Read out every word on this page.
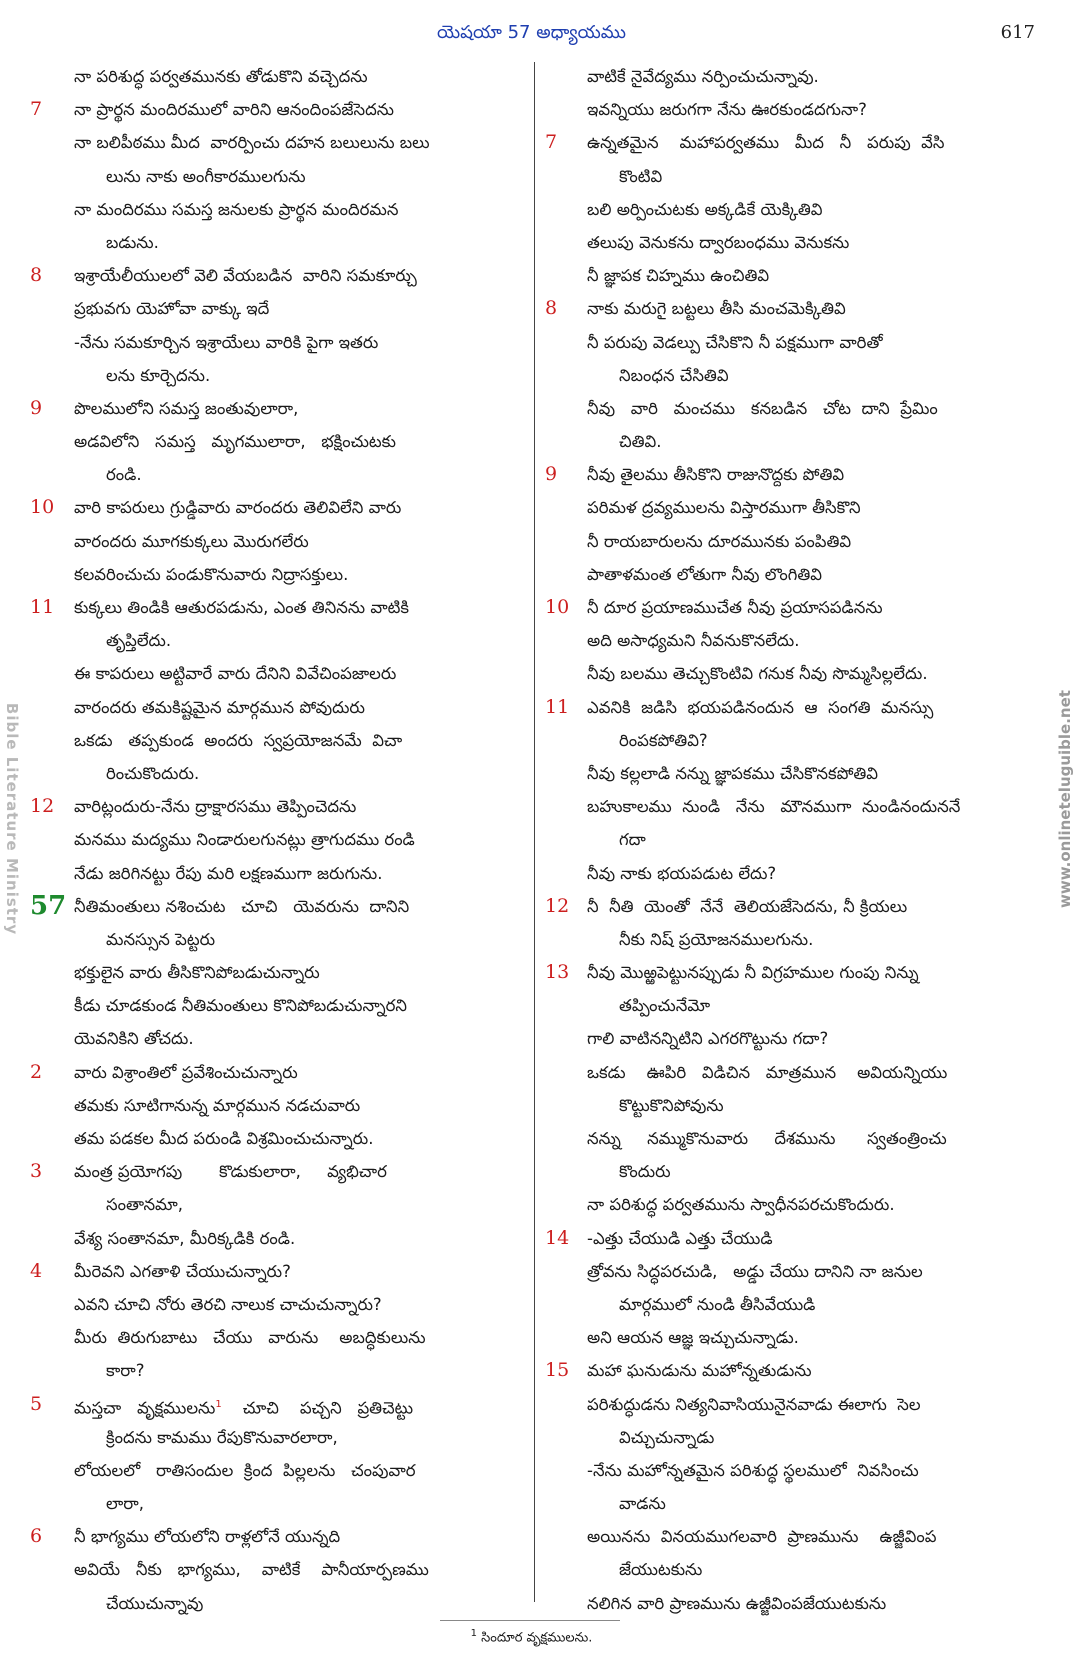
యెషయా 57 అధ్యాయము	617
Bible Literature Ministry	www.onlineteluguible.net
నా పరిశుద్ధ పర్వతమునకు తోడుకొని వచ్చెదను
7 నా ప్రార్థన మందిరములో వారిని ఆనందింపజేసెదను
నా బలిపీఠము మీద  వారర్పించు దహన బలులును బలు
లును నాకు అంగీకారములగును
నా మందిరము సమస్త జనులకు ప్రార్థన మందిరమన
బడును.
8 ఇశ్రాయేలీయులలో వెలి వేయబడిన  వారిని సమకూర్చు
ప్రభువగు యెహోవా వాక్కు ఇదే
-నేను సమకూర్చిన ఇశ్రాయేలు వారికి పైగా ఇతరు
లను కూర్చెదను.
9 పొలములోని సమస్త జంతువులారా,
అడవిలోని   సమస్త   మృగములారా,   భక్షించుటకు
రండి.
10 వారి కాపరులు గ్రుడ్డివారు వారందరు తెలివిలేని వారు
వారందరు మూగకుక్కలు మొరుగలేరు
కలవరించుచు పండుకొనువారు నిద్రాసక్తులు.
11 కుక్కలు తిండికి ఆతురపడును, ఎంత తినినను వాటికి
తృప్తిలేదు.
ఈ కాపరులు అట్టివారే వారు దేనిని వివేచింపజాలరు
వారందరు తమకిష్టమైన మార్గమున పోవుదురు
ఒకడు   తప్పకుండ  అందరు  స్వప్రయోజనమే  విచా
రించుకొందురు.
12 వారిట్లందురు-నేను ద్రాక్షారసము తెప్పించెదను
మనము మద్యము నిండారులగునట్లు త్రాగుదము రండి
నేడు జరిగినట్టు రేపు మరి లక్షణముగా జరుగును.
57 నీతిమంతులు నశించుట   చూచి   యెవరును  దానిని
మనస్సున పెట్టరు
భక్తులైన వారు తీసికొనిపోబడుచున్నారు
కీడు చూడకుండ నీతిమంతులు కొనిపోబడుచున్నారని
యెవనికిని తోచదు.
2 వారు విశ్రాంతిలో ప్రవేశించుచున్నారు
తమకు సూటిగానున్న మార్గమున నడచువారు
తమ పడకల మీద పరుండి విశ్రమించుచున్నారు.
3 మంత్ర ప్రయోగపు       కొడుకులారా,     వ్యభిచార
సంతానమా,
వేశ్య సంతానమా, మీరిక్కడికి రండి.
4 మీరెవని ఎగతాళి చేయుచున్నారు?
ఎవని చూచి నోరు తెరచి నాలుక చాచుచున్నారు?
మీరు  తిరుగుబాటు   చేయు   వారును    అబద్ధికులును
కారా?
5 మస్తచా   వృక్షములను$^1$    చూచి    పచ్చని   ప్రతిచెట్టు
క్రిందను కామము రేపుకొనువారలారా,
లోయలలో   రాతిసందుల  క్రింద  పిల్లలను   చంపువార
లారా,
6 నీ భాగ్యము లోయలోని రాళ్లలోనే యున్నది
అవియే   నీకు   భాగ్యము,    వాటికే    పానీయార్పణము
చేయుచున్నావు
వాటికే నైవేద్యము నర్పించుచున్నావు.
ఇవన్నియు జరుగగా నేను ఊరకుండదగునా?
7 ఉన్నతమైన    మహాపర్వతము   మీద   నీ   పరుపు  వేసి
కొంటివి
బలి అర్పించుటకు అక్కడికే యెక్కితివి
తలుపు వెనుకను ద్వారబంధము వెనుకను
నీ జ్ఞాపక చిహ్నము ఉంచితివి
8 నాకు మరుగై బట్టలు తీసి మంచమెక్కితివి
నీ పరుపు వెడల్పు చేసికొని నీ పక్షముగా వారితో
నిబంధన చేసితివి
నీవు   వారి   మంచము   కనబడిన   చోట  దాని  ప్రేమిం
చితివి.
9 నీవు తైలము తీసికొని రాజునొద్దకు పోతివి
పరిమళ ద్రవ్యములను విస్తారముగా తీసికొని
నీ రాయబారులను దూరమునకు పంపితివి
పాతాళమంత లోతుగా నీవు లొంగితివి
10 నీ దూర ప్రయాణముచేత నీవు ప్రయాసపడినను
అది అసాధ్యమని నీవనుకొనలేదు.
నీవు బలము తెచ్చుకొంటివి గనుక నీవు సొమ్మసిల్లలేదు.
11 ఎవనికి  జడిసి  భయపడినందున  ఆ  సంగతి  మనస్సు
రింపకపోతివి?
నీవు కల్లలాడి నన్ను జ్ఞాపకము చేసికొనకపోతివి
బహుకాలము  నుండి   నేను   మౌనముగా  నుండినందుననే
గదా
నీవు నాకు భయపడుట లేదు?
12 నీ  నీతి  యెంతో  నేనే  తెలియజేసెదను, నీ క్రియలు
నీకు నిష్ ప్రయోజనములగును.
13 నీవు మొఱ్ఱపెట్టునప్పుడు నీ విగ్రహముల గుంపు నిన్ను
తప్పించునేమో
గాలి వాటినన్నిటిని ఎగరగొట్టును గదా?
ఒకడు    ఊపిరి   విడిచిన   మాత్రమున    అవియన్నియు
కొట్టుకొనిపోవును
నన్ను     నమ్ముకొనువారు     దేశమును      స్వతంత్రించు
కొందురు
నా పరిశుద్ధ పర్వతమును స్వాధీనపరచుకొందురు.
14 -ఎత్తు చేయుడి ఎత్తు చేయుడి
త్రోవను సిద్ధపరచుడి,   అడ్డు చేయు దానిని నా జనుల
మార్గములో నుండి తీసివేయుడి
అని ఆయన ఆజ్ఞ ఇచ్చుచున్నాడు.
15 మహా ఘనుడును మహోన్నతుడును
పరిశుద్ధుడను నిత్యనివాసియునైనవాడు ఈలాగు  సెల
విచ్చుచున్నాడు
-నేను మహోన్నతమైన పరిశుద్ధ స్థలములో  నివసించు
వాడను
అయినను  వినయముగలవారి  ప్రాణమును    ఉజ్జీవింప
జేయుటకును
నలిగిన వారి ప్రాణమును ఉజ్జీవింపజేయుటకును
$^1$ సిందూర వృక్షములను.
